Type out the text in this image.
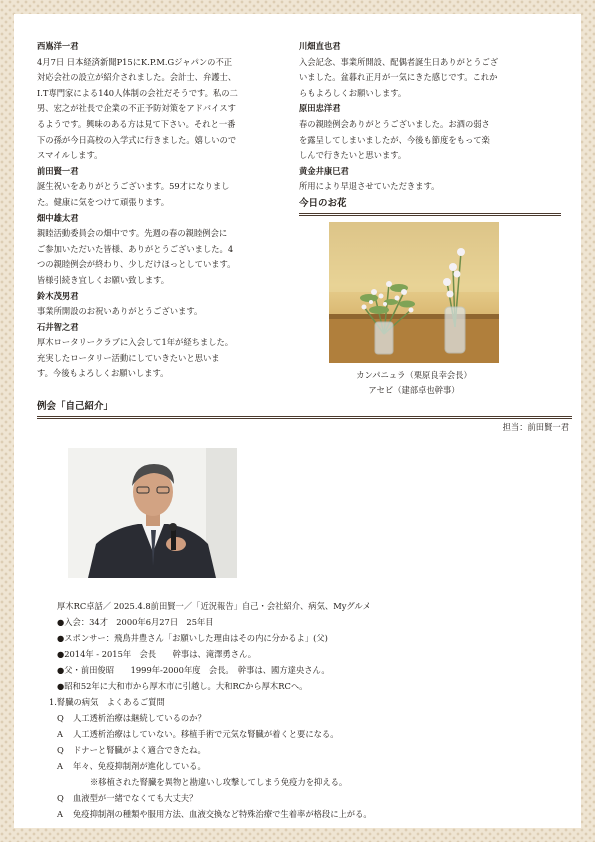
西嶌洋一君
4月7日 日本経済新聞P15にK.P.M.Gジャパンの不正
対応会社の設立が紹介されました。会計士、弁護士、
I.T専門家による140人体制の会社だそうです。私の二
男、宏之が社長で企業の不正予防対策をアドバイスす
るようです。興味のある方は見て下さい。それと一番
下の孫が今日高校の入学式に行きました。嬉しいので
スマイルします。
前田賢一君
誕生祝いをありがとうございます。59才になりまし
た。健康に気をつけて頑張ります。
畑中雄太君
親睦活動委員会の畑中です。先週の春の親睦例会に
ご参加いただいた皆様、ありがとうございました。4
つの親睦例会が終わり、少しだけほっとしています。
皆様引続き宜しくお願い致します。
鈴木茂男君
事業所開設のお祝いありがとうございます。
石井智之君
厚木ロータリークラブに入会して1年が経ちました。
充実したロータリー活動にしていきたいと思いま
す。今後もよろしくお願いします。
川畑直也君
入会記念、事業所開設、配偶者誕生日ありがとうござ
いました。盆暮れ正月が一気にきた感じです。これか
らもよろしくお願いします。
原田忠洋君
春の親睦例会ありがとうございました。お酒の弱さ
を露呈してしまいましたが、今後も節度をもって楽
しんで行きたいと思います。
黄金井康巳君
所用により早退させていただきます。
今日のお花
カンパニュラ（栗原良幸会長）
アセビ（建部卓也幹事）
例会「自己紹介」
担当：前田賢一君
厚木RC卓話／ 2025.4.8前田賢一／「近況報告」自己・会社紹介、病気、Myグルメ
●入会：34才　2000年6月27日　25年目
●スポンサー：飛鳥井豊さん「お願いした理由はその内に分かるよ」(父)
●2014年 - 2015年　会長　　幹事は、滝澤勇さん。
●父・前田俊昭　　1999年-2000年度　会長。　幹事は、國方達央さん。
●昭和52年に大和市から厚木市に引越し。大和RCから厚木RCへ。
1.腎臓の病気　よくあるご質問
Q	人工透析治療は継続しているのか？
A	人工透析治療はしていない。移植手術で元気な腎臓が着くと要になる。
Q	ドナーと腎臓がよく適合できたね。
A	年々、免疫抑制剤が進化している。
※移植された腎臓を異物と勘違いし攻撃してしまう免疫力を抑える。
Q	血液型が一緒でなくても大丈夫？
A	免疫抑制剤の種類や服用方法、血液交換など特殊治療で生着率が格段に上がる。
